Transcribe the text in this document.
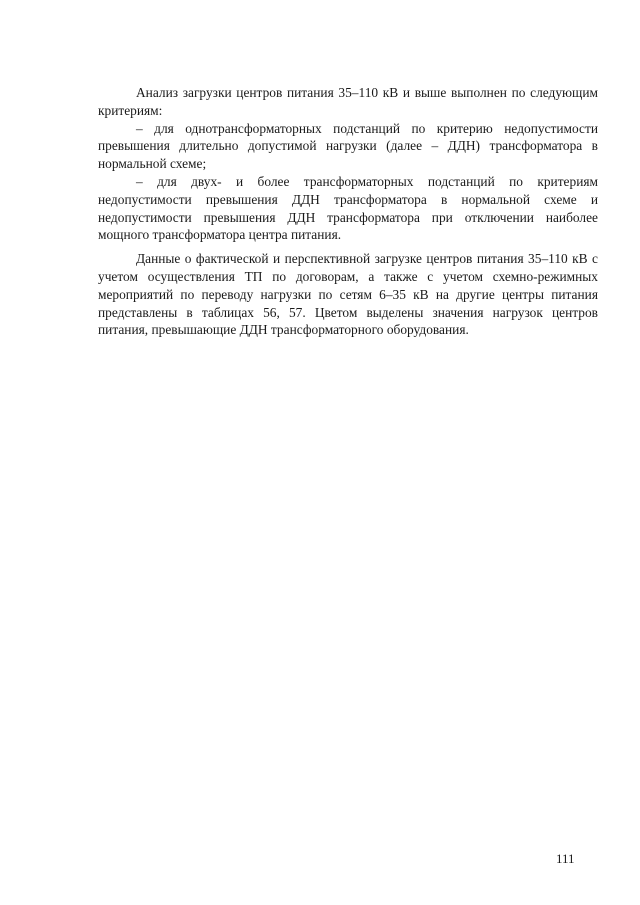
Анализ загрузки центров питания 35–110 кВ и выше выполнен по следующим критериям:

– для однотрансформаторных подстанций по критерию недопустимости превышения длительно допустимой нагрузки (далее – ДДН) трансформатора в нормальной схеме;

– для двух- и более трансформаторных подстанций по критериям недопустимости превышения ДДН трансформатора в нормальной схеме и недопустимости превышения ДДН трансформатора при отключении наиболее мощного трансформатора центра питания.

Данные о фактической и перспективной загрузке центров питания 35–110 кВ с учетом осуществления ТП по договорам, а также с учетом схемно-режимных мероприятий по переводу нагрузки по сетям 6–35 кВ на другие центры питания представлены в таблицах 56, 57. Цветом выделены значения нагрузок центров питания, превышающие ДДН трансформаторного оборудования.

111
